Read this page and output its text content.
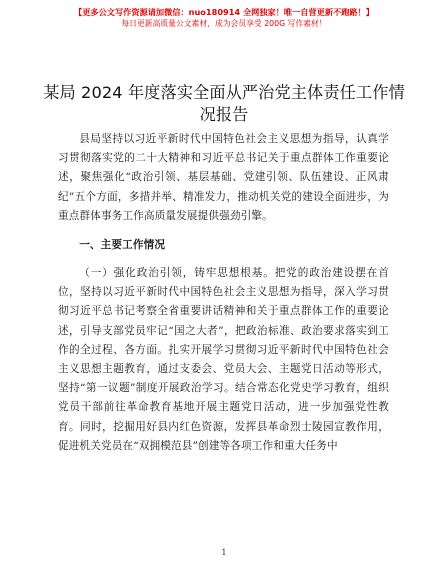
【更多公文写作资源请加微信：nuo180914 全网独家！唯一自营更新不跑路！】
每日更新高质量公文素材，成为会员享受 200G 写作素材！
某局 2024 年度落实全面从严治党主体责任工作情况报告

县局坚持以习近平新时代中国特色社会主义思想为指导，认真学习贯彻落实党的二十大精神和习近平总书记关于重点群体工作重要论述，聚焦强化“政治引领、基层基础、党建引领、队伍建设、正风肃纪”五个方面，多措并举、精准发力，推动机关党的建设全面进步，为重点群体事务工作高质量发展提供强劲引擎。

一、主要工作情况

（一）强化政治引领，铸牢思想根基。把党的政治建设摆在首位，坚持以习近平新时代中国特色社会主义思想为指导，深入学习贯彻习近平总书记考察全省重要讲话精神和关于重点群体工作的重要论述，引导支部党员牢记“国之大者”，把政治标准、政治要求落实到工作的全过程、各方面。扎实开展学习贯彻习近平新时代中国特色社会主义思想主题教育，通过支委会、党员大会、主题党日活动等形式，坚持“第一议题”制度开展政治学习。结合常态化党史学习教育，组织党员干部前往革命教育基地开展主题党日活动，进一步加强党性教育。同时，挖掘用好县内红色资源，发挥县革命烈士陵园宣教作用，促进机关党员在“双拥模范县”创建等各项工作和重大任务中

1
